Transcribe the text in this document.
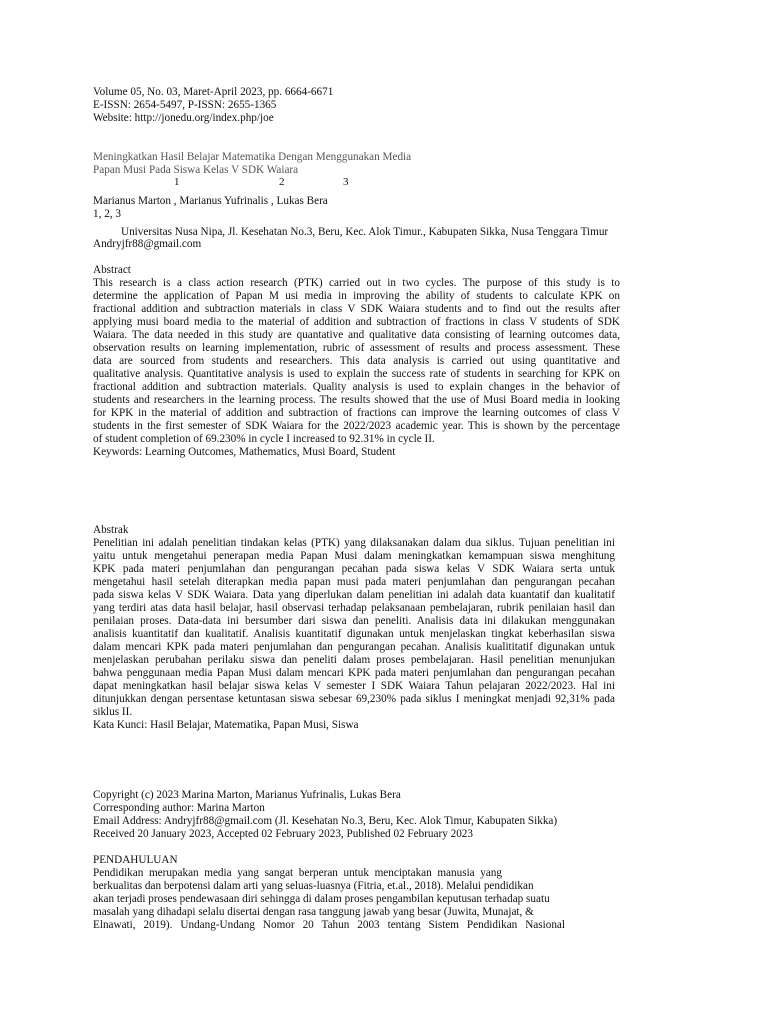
Volume 05, No. 03, Maret-April 2023, pp. 6664-6671
E-ISSN: 2654-5497, P-ISSN: 2655-1365
Website: http://jonedu.org/index.php/joe
Meningkatkan Hasil Belajar Matematika Dengan Menggunakan Media
Papan Musi Pada Siswa Kelas V SDK Waiara
1	2	3
Marianus Marton , Marianus Yufrinalis , Lukas Bera
1, 2, 3
Universitas Nusa Nipa, Jl. Kesehatan No.3, Beru, Kec. Alok Timur., Kabupaten Sikka, Nusa Tenggara Timur
Andryjfr88@gmail.com
Abstract
This research is a class action research (PTK) carried out in two cycles. The purpose of this study is to
determine the application of Papan M usi media in improving the ability of students to calculate KPK on
fractional addition and subtraction materials in class V SDK Waiara students and to find out the results after
applying musi board media to the material of addition and subtraction of fractions in class V students of SDK
Waiara. The data needed in this study are quantative and qualitative data consisting of learning outcomes data,
observation results on learning implementation, rubric of assessment of results and process assessment. These
data are sourced from students and researchers. This data analysis is carried out using quantitative and
qualitative analysis. Quantitative analysis is used to explain the success rate of students in searching for KPK on
fractional addition and subtraction materials. Quality analysis is used to explain changes in the behavior of
students and researchers in the learning process. The results showed that the use of Musi Board media in looking
for KPK in the material of addition and subtraction of fractions can improve the learning outcomes of class V
students in the first semester of SDK Waiara for the 2022/2023 academic year. This is shown by the percentage
of student completion of 69.230% in cycle I increased to 92.31% in cycle II.
Keywords: Learning Outcomes, Mathematics, Musi Board, Student
Abstrak
Penelitian ini adalah penelitian tindakan kelas (PTK) yang dilaksanakan dalam dua siklus. Tujuan penelitian ini
yaitu untuk mengetahui penerapan media Papan Musi dalam meningkatkan kemampuan siswa menghitung
KPK pada materi penjumlahan dan pengurangan pecahan pada siswa kelas V SDK Waiara serta untuk
mengetahui hasil setelah diterapkan media papan musi pada materi penjumlahan dan pengurangan pecahan
pada siswa kelas V SDK Waiara. Data yang diperlukan dalam penelitian ini adalah data kuantatif dan kualitatif
yang terdiri atas data hasil belajar, hasil observasi terhadap pelaksanaan pembelajaran, rubrik penilaian hasil dan
penilaian proses. Data-data ini bersumber dari siswa dan peneliti. Analisis data ini dilakukan menggunakan
analisis kuantitatif dan kualitatif. Analisis kuantitatif digunakan untuk menjelaskan tingkat keberhasilan siswa
dalam mencari KPK pada materi penjumlahan dan pengurangan pecahan. Analisis kualititatif digunakan untuk
menjelaskan perubahan perilaku siswa dan peneliti dalam proses pembelajaran. Hasil penelitian menunjukan
bahwa penggunaan media Papan Musi dalam mencari KPK pada materi penjumlahan dan pengurangan pecahan
dapat meningkatkan hasil belajar siswa kelas V semester I SDK Waiara Tahun pelajaran 2022/2023. Hal ini
ditunjukkan dengan persentase ketuntasan siswa sebesar 69,230% pada siklus I meningkat menjadi 92,31% pada
siklus II.
Kata Kunci: Hasil Belajar, Matematika, Papan Musi, Siswa
Copyright (c) 2023 Marina Marton, Marianus Yufrinalis, Lukas Bera
Corresponding author: Marina Marton
Email Address: Andryjfr88@gmail.com (Jl. Kesehatan No.3, Beru, Kec. Alok Timur, Kabupaten Sikka)
Received 20 January 2023, Accepted 02 February 2023, Published 02 February 2023
PENDAHULUAN
Pendidikan merupakan media yang sangat berperan untuk menciptakan manusia yang
berkualitas dan berpotensi dalam arti yang seluas-luasnya (Fitria, et.al., 2018). Melalui pendidikan
akan terjadi proses pendewasaan diri sehingga di dalam proses pengambilan keputusan terhadap suatu
masalah yang dihadapi selalu disertai dengan rasa tanggung jawab yang besar (Juwita, Munajat, &
Elnawati, 2019). Undang-Undang Nomor 20 Tahun 2003 tentang Sistem Pendidikan Nasional
